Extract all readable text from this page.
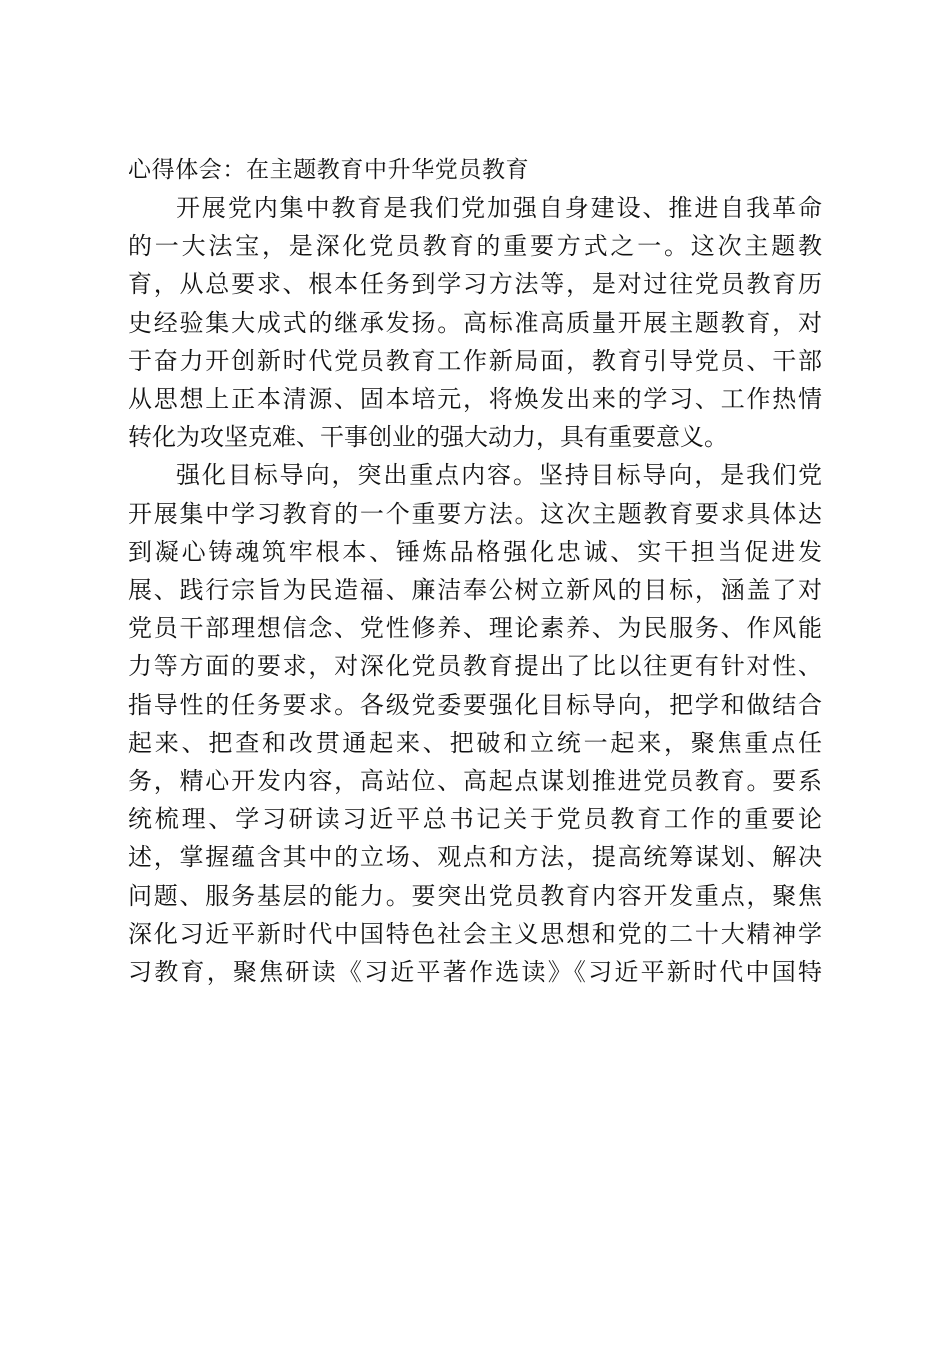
心得体会：在主题教育中升华党员教育

开展党内集中教育是我们党加强自身建设、推进自我革命
的一大法宝，是深化党员教育的重要方式之一。这次主题教
育，从总要求、根本任务到学习方法等，是对过往党员教育历
史经验集大成式的继承发扬。高标准高质量开展主题教育，对
于奋力开创新时代党员教育工作新局面，教育引导党员、干部
从思想上正本清源、固本培元，将焕发出来的学习、工作热情
转化为攻坚克难、干事创业的强大动力，具有重要意义。

强化目标导向，突出重点内容。坚持目标导向，是我们党
开展集中学习教育的一个重要方法。这次主题教育要求具体达
到凝心铸魂筑牢根本、锤炼品格强化忠诚、实干担当促进发
展、践行宗旨为民造福、廉洁奉公树立新风的目标，涵盖了对
党员干部理想信念、党性修养、理论素养、为民服务、作风能
力等方面的要求，对深化党员教育提出了比以往更有针对性、
指导性的任务要求。各级党委要强化目标导向，把学和做结合
起来、把查和改贯通起来、把破和立统一起来，聚焦重点任
务，精心开发内容，高站位、高起点谋划推进党员教育。要系
统梳理、学习研读习近平总书记关于党员教育工作的重要论
述，掌握蕴含其中的立场、观点和方法，提高统筹谋划、解决
问题、服务基层的能力。要突出党员教育内容开发重点，聚焦
深化习近平新时代中国特色社会主义思想和党的二十大精神学
习教育，聚焦研读《习近平著作选读》《习近平新时代中国特
